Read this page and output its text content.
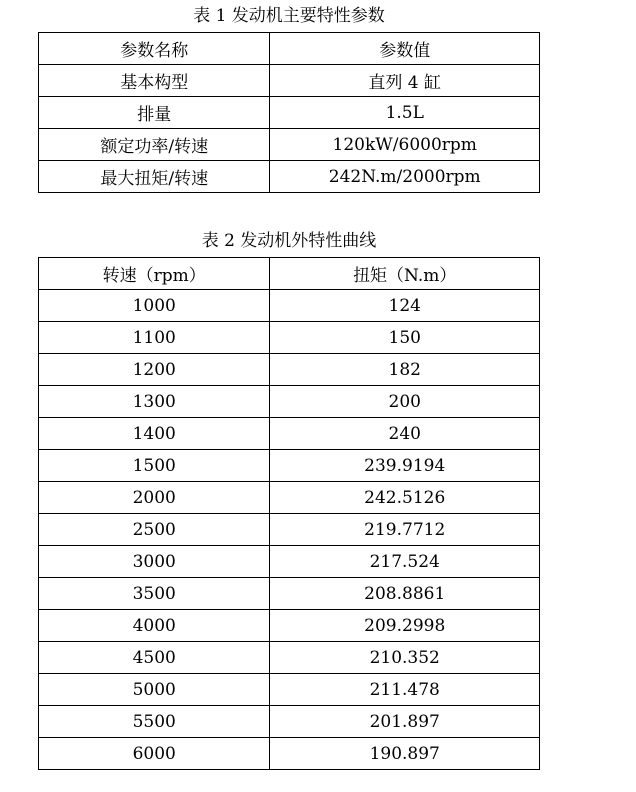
表 1 发动机主要特性参数
参数名称	参数值
基本构型	直列 4 缸
排量	1.5L
额定功率/转速	120kW/6000rpm
最大扭矩/转速	242N.m/2000rpm
表 2 发动机外特性曲线
转速（rpm）	扭矩（N.m）
1000	124
1100	150
1200	182
1300	200
1400	240
1500	239.9194
2000	242.5126
2500	219.7712
3000	217.524
3500	208.8861
4000	209.2998
4500	210.352
5000	211.478
5500	201.897
6000	190.897
